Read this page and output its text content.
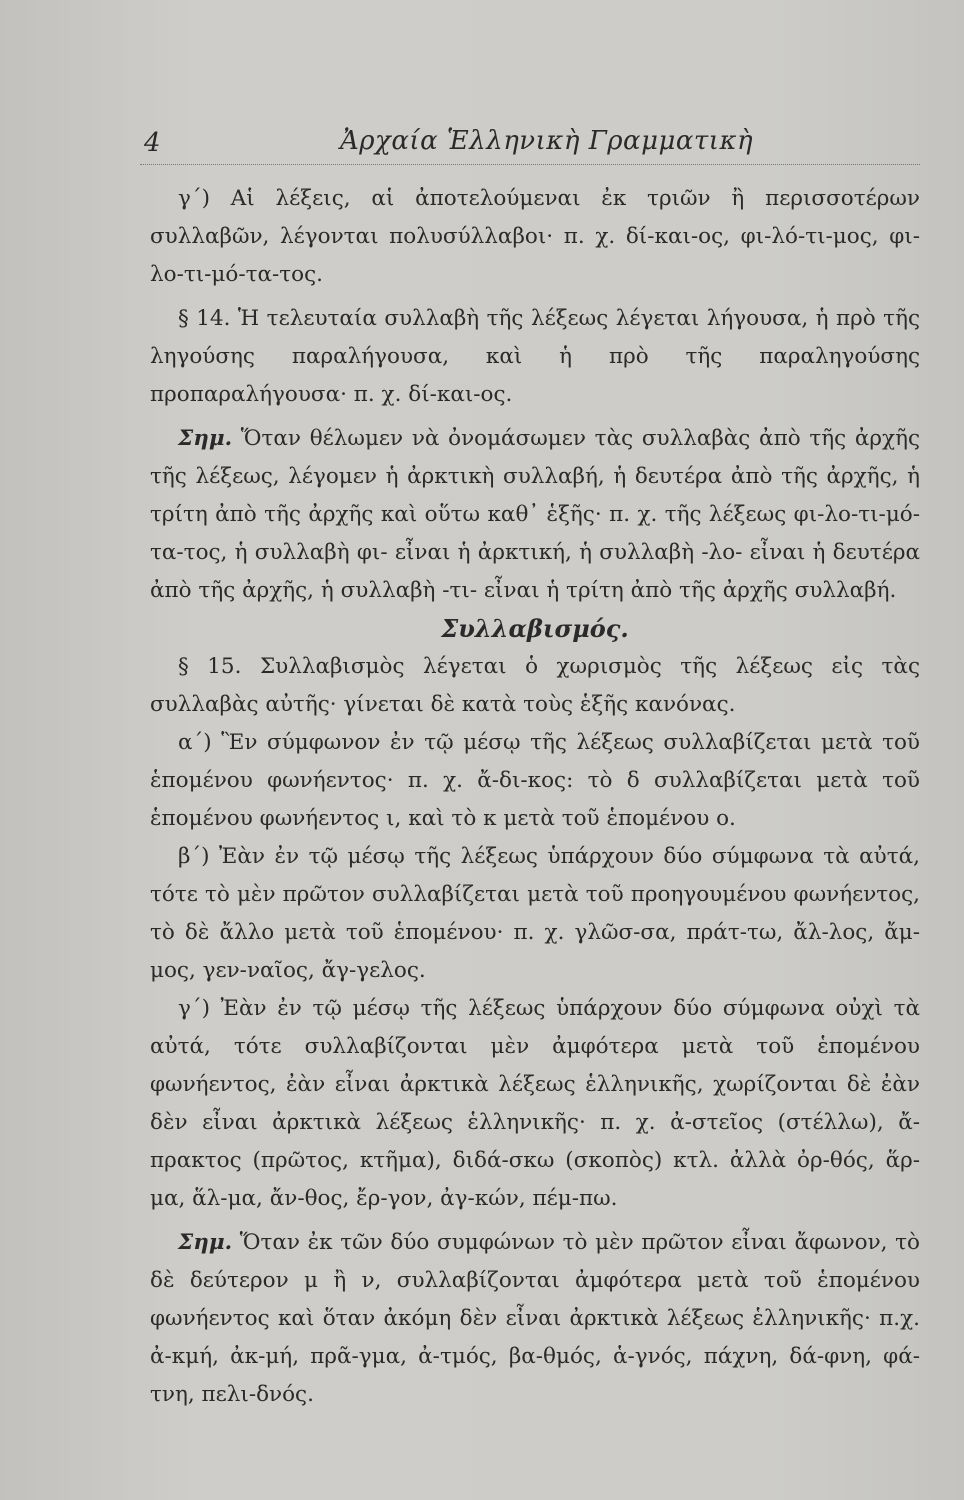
4	Ἀρχαία Ἑλληνικὴ Γραμματικὴ

γ΄) Αἱ λέξεις, αἱ ἀποτελούμεναι ἐκ τριῶν ἢ περισσοτέρων συλλαβῶν, λέγονται πολυσύλλαβοι· π. χ. δί-και-ος, φι-λό-τι-μος, φι-λο-τι-μό-τα-τος.

§ 14. Ἡ τελευταία συλλαβὴ τῆς λέξεως λέγεται λήγουσα, ἡ πρὸ τῆς ληγούσης παραλήγουσα, καὶ ἡ πρὸ τῆς παραληγούσης προπαραλήγουσα· π. χ. δί-και-ος.

Σημ. Ὅταν θέλωμεν νὰ ὀνομάσωμεν τὰς συλλαβὰς ἀπὸ τῆς ἀρχῆς τῆς λέξεως, λέγομεν ἡ ἀρκτικὴ συλλαβή, ἡ δευτέρα ἀπὸ τῆς ἀρχῆς, ἡ τρίτη ἀπὸ τῆς ἀρχῆς καὶ οὕτω καθ᾿ ἑξῆς· π. χ. τῆς λέξεως φι-λο-τι-μό-τα-τος, ἡ συλλαβὴ φι- εἶναι ἡ ἀρκτική, ἡ συλλαβὴ -λο- εἶναι ἡ δευτέρα ἀπὸ τῆς ἀρχῆς, ἡ συλλαβὴ -τι- εἶναι ἡ τρίτη ἀπὸ τῆς ἀρχῆς συλλαβή.

Συλλαβισμός.

§ 15. Συλλαβισμὸς λέγεται ὁ χωρισμὸς τῆς λέξεως εἰς τὰς συλλαβὰς αὐτῆς· γίνεται δὲ κατὰ τοὺς ἑξῆς κανόνας.

α΄) Ἓν σύμφωνον ἐν τῷ μέσῳ τῆς λέξεως συλλαβίζεται μετὰ τοῦ ἑπομένου φωνήεντος· π. χ. ἄ-δι-κος: τὸ δ συλλαβίζεται μετὰ τοῦ ἑπομένου φωνήεντος ι, καὶ τὸ κ μετὰ τοῦ ἑπομένου ο.

β΄) Ἐὰν ἐν τῷ μέσῳ τῆς λέξεως ὑπάρχουν δύο σύμφωνα τὰ αὐτά, τότε τὸ μὲν πρῶτον συλλαβίζεται μετὰ τοῦ προηγουμένου φωνήεντος, τὸ δὲ ἄλλο μετὰ τοῦ ἑπομένου· π. χ. γλῶσ-σα, πράτ-τω, ἄλ-λος, ἄμ-μος, γεν-ναῖος, ἄγ-γελος.

γ΄) Ἐὰν ἐν τῷ μέσῳ τῆς λέξεως ὑπάρχουν δύο σύμφωνα οὐχὶ τὰ αὐτά, τότε συλλαβίζονται μὲν ἀμφότερα μετὰ τοῦ ἑπομένου φωνήεντος, ἐὰν εἶναι ἀρκτικὰ λέξεως ἑλληνικῆς, χωρίζονται δὲ ἐὰν δὲν εἶναι ἀρκτικὰ λέξεως ἑλληνικῆς· π. χ. ἀ-στεῖος (στέλλω), ἄ-πρακτος (πρῶτος, κτῆμα), διδά-σκω (σκοπὸς) κτλ. ἀλλὰ ὀρ-θός, ἅρ-μα, ἅλ-μα, ἄν-θος, ἔρ-γον, ἀγ-κών, πέμ-πω.

Σημ. Ὅταν ἐκ τῶν δύο συμφώνων τὸ μὲν πρῶτον εἶναι ἄφωνον, τὸ δὲ δεύτερον μ ἢ ν, συλλαβίζονται ἀμφότερα μετὰ τοῦ ἑπομένου φωνήεντος καὶ ὅταν ἀκόμη δὲν εἶναι ἀρκτικὰ λέξεως ἑλληνικῆς· π.χ. ἀ-κμή, ἀκ-μή, πρᾶ-γμα, ἀ-τμός, βα-θμός, ἁ-γνός, πάχνη, δά-φνη, φά-τνη, πελι-δνός.
